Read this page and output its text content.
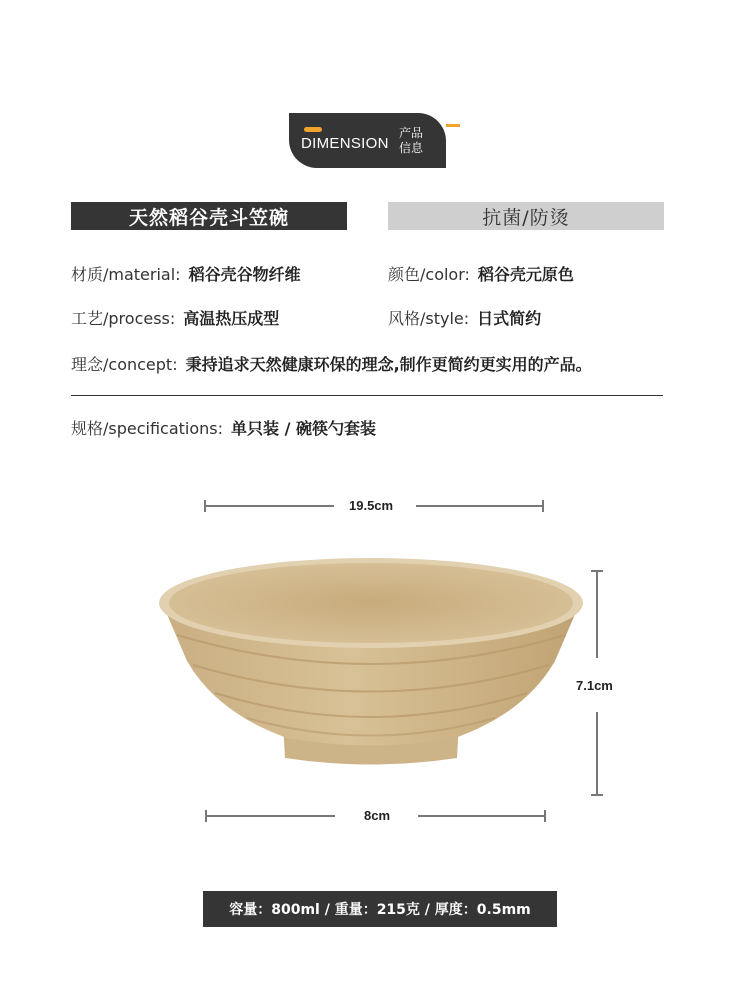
DIMENSION
产品
信息
天然稻谷壳斗笠碗	抗菌/防烫
材质/material: 稻谷壳谷物纤维	颜色/color: 稻谷壳元原色
工艺/process: 高温热压成型	风格/style: 日式简约
理念/concept: 秉持追求天然健康环保的理念,制作更简约更实用的产品。
规格/specifications: 单只装 / 碗筷勺套装
19.5cm
7.1cm
8cm
容量：800ml / 重量：215克 / 厚度：0.5mm
